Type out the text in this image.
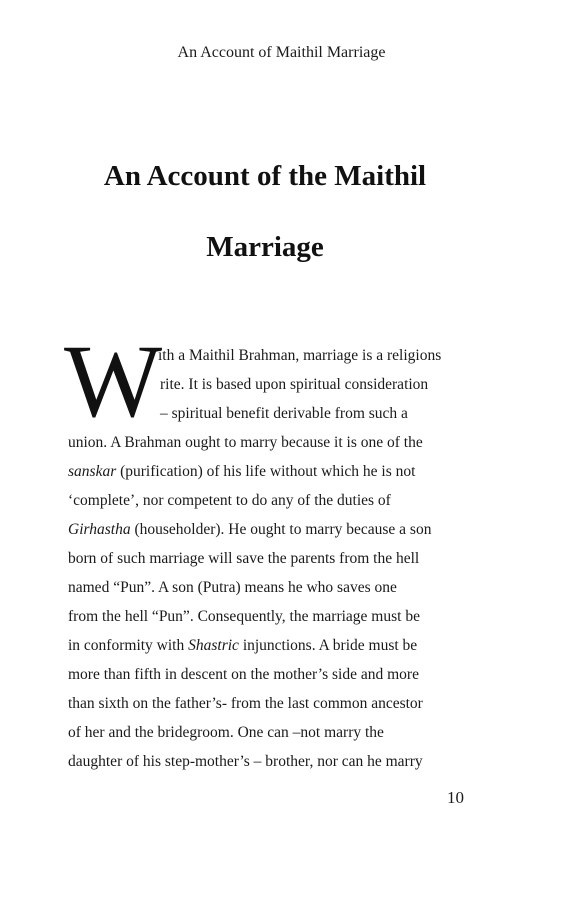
An Account of Maithil Marriage
An Account of the Maithil
Marriage
W
ith a Maithil Brahman, marriage is a religions
rite. It is based upon spiritual consideration
– spiritual benefit derivable from such a
union. A Brahman ought to marry because it is one of the
sanskar (purification) of his life without which he is not
‘complete’, nor competent to do any of the duties of
Girhastha (householder). He ought to marry because a son
born of such marriage will save the parents from the hell
named “Pun”. A son (Putra) means he who saves one
from the hell “Pun”. Consequently, the marriage must be
in conformity with Shastric injunctions. A bride must be
more than fifth in descent on the mother’s side and more
than sixth on the father’s- from the last common ancestor
of her and the bridegroom. One can –not marry the
daughter of his step-mother’s – brother, nor can he marry
10
